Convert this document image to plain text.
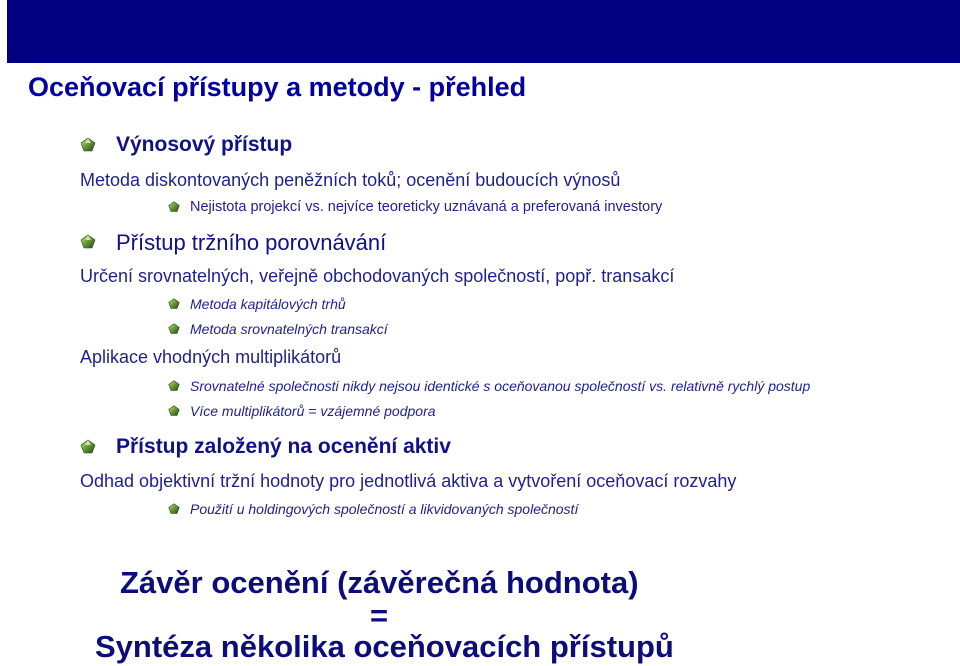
Oceňovací přístupy a metody - přehled
Výnosový přístup
Metoda diskontovaných peněžních toků; ocenění budoucích výnosů
Nejistota projekcí vs. nejvíce teoreticky uznávaná a preferovaná investory
Přístup tržního porovnávání
Určení srovnatelných, veřejně obchodovaných společností, popř. transakcí
Metoda kapitálových trhů
Metoda srovnatelných transakcí
Aplikace vhodných multiplikátorů
Srovnatelné společnosti nikdy nejsou identické s oceňovanou společností vs. relativně rychlý postup
Více multiplikátorů = vzájemné podpora
Přístup založený na ocenění aktiv
Odhad objektivní tržní hodnoty pro jednotlivá aktiva a vytvoření oceňovací rozvahy
Použití u holdingových společností a likvidovaných společností
Závěr ocenění (závěrečná hodnota)
=
Syntéza několika oceňovacích přístupů
